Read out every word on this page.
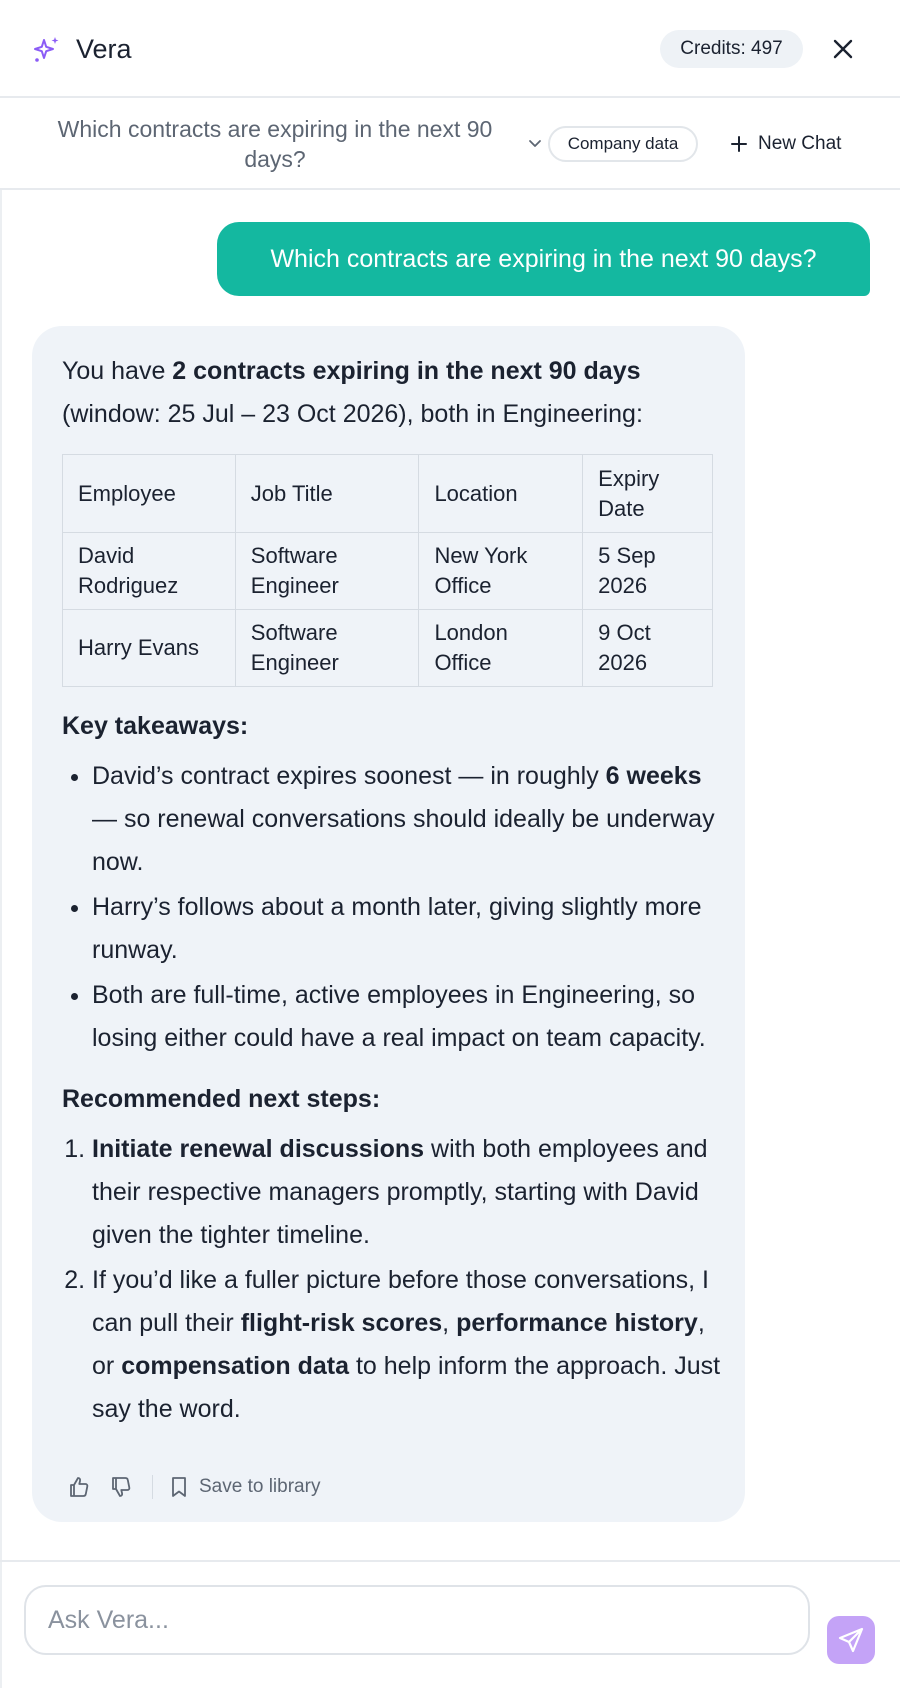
Vera	Credits: 497
Which contracts are expiring in the next 90 days?
Company data	New Chat
Which contracts are expiring in the next 90 days?

You have 2 contracts expiring in the next 90 days (window: 25 Jul – 23 Oct 2026), both in Engineering:

Employee	Job Title	Location	Expiry Date
David Rodriguez	Software Engineer	New York Office	5 Sep 2026
Harry Evans	Software Engineer	London Office	9 Oct 2026
Key takeaways:
• David’s contract expires soonest — in roughly 6 weeks — so renewal conversations should ideally be underway now.
• Harry’s follows about a month later, giving slightly more runway.
• Both are full-time, active employees in Engineering, so losing either could have a real impact on team capacity.
Recommended next steps:
1. Initiate renewal discussions with both employees and their respective managers promptly, starting with David given the tighter timeline.
2. If you’d like a fuller picture before those conversations, I can pull their flight-risk scores, performance history, or compensation data to help inform the approach. Just say the word.
Save to library
Ask Vera...
